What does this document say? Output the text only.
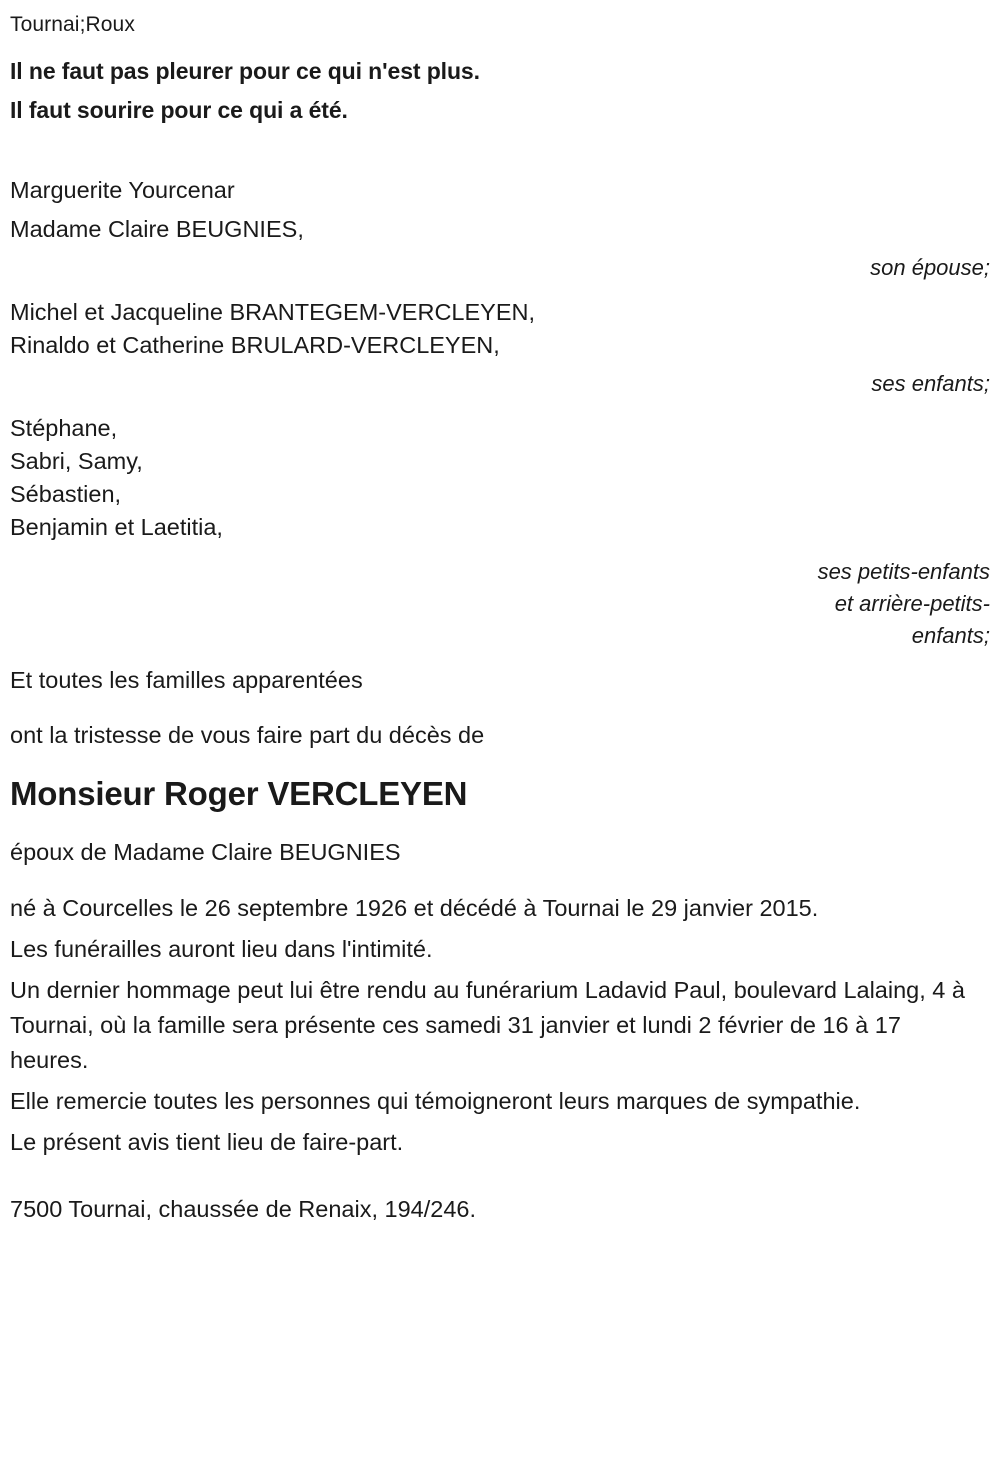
Tournai;Roux
Il ne faut pas pleurer pour ce qui n'est plus.
Il faut sourire pour ce qui a été.
Marguerite Yourcenar
Madame Claire BEUGNIES,
son épouse;
Michel et Jacqueline BRANTEGEM-VERCLEYEN,
Rinaldo et Catherine BRULARD-VERCLEYEN,
ses enfants;
Stéphane,
Sabri, Samy,
Sébastien,
Benjamin et Laetitia,
ses petits-enfants
et arrière-petits-
enfants;
Et toutes les familles apparentées
ont la tristesse de vous faire part du décès de
Monsieur Roger VERCLEYEN
époux de Madame Claire BEUGNIES
né à Courcelles le 26 septembre 1926 et décédé à Tournai le 29 janvier 2015.
Les funérailles auront lieu dans l'intimité.
Un dernier hommage peut lui être rendu au funérarium Ladavid Paul, boulevard Lalaing, 4 à Tournai, où la famille sera présente ces samedi 31 janvier et lundi 2 février de 16 à 17 heures.
Elle remercie toutes les personnes qui témoigneront leurs marques de sympathie.
Le présent avis tient lieu de faire-part.
7500 Tournai, chaussée de Renaix, 194/246.
